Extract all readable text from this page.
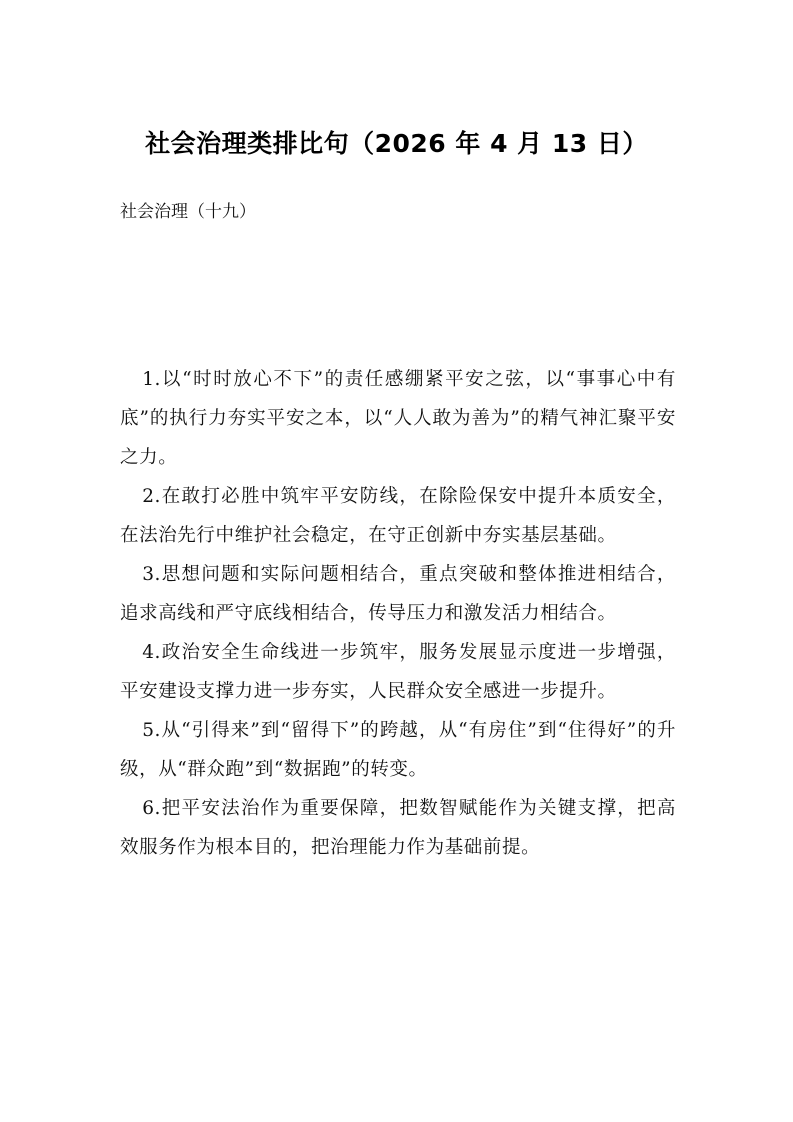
社会治理类排比句（2026 年 4 月 13 日）
社会治理（十九）

1.以“时时放心不下”的责任感绷紧平安之弦，以“事事心中有底”的执行力夯实平安之本，以“人人敢为善为”的精气神汇聚平安之力。

2.在敢打必胜中筑牢平安防线，在除险保安中提升本质安全，在法治先行中维护社会稳定，在守正创新中夯实基层基础。

3.思想问题和实际问题相结合，重点突破和整体推进相结合，追求高线和严守底线相结合，传导压力和激发活力相结合。

4.政治安全生命线进一步筑牢，服务发展显示度进一步增强，平安建设支撑力进一步夯实，人民群众安全感进一步提升。

5.从“引得来”到“留得下”的跨越，从“有房住”到“住得好”的升级，从“群众跑”到“数据跑”的转变。

6.把平安法治作为重要保障，把数智赋能作为关键支撑，把高效服务作为根本目的，把治理能力作为基础前提。
